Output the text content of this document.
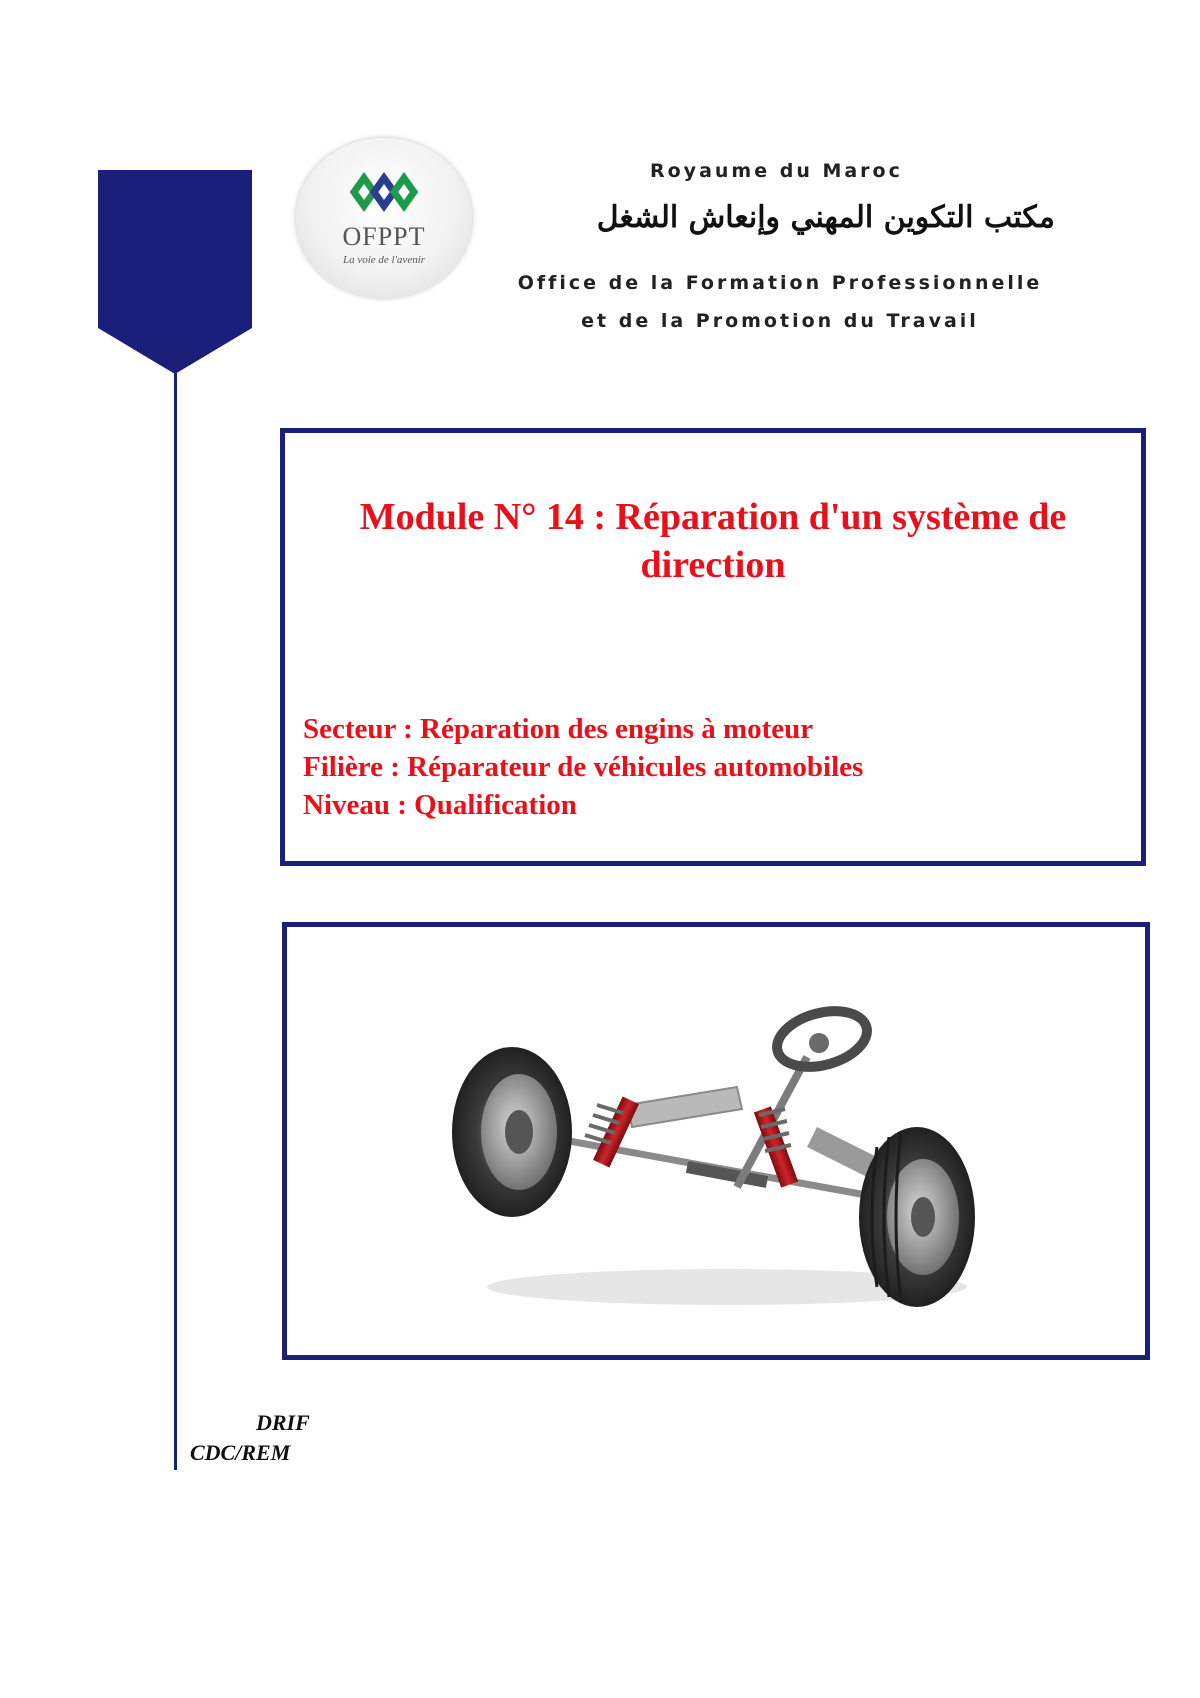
OFPPT
La voie de l'avenir
Royaume du Maroc
مكتب التكوين المهني وإنعاش الشغل
Office de la Formation Professionnelle
et de la Promotion du Travail
Module N° 14 : Réparation d'un système de direction
Secteur : Réparation des engins à moteur
Filière : Réparateur de véhicules automobiles
Niveau : Qualification
DRIF
CDC/REM
